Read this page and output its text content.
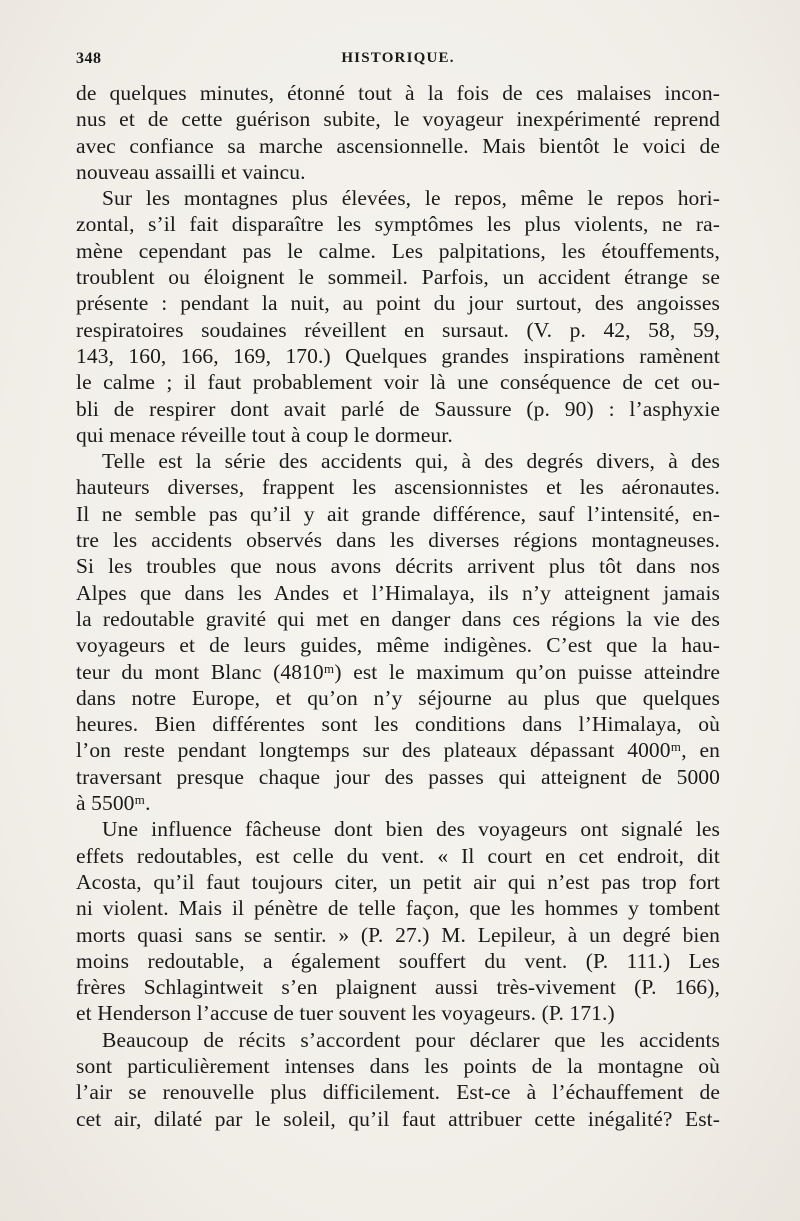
348	HISTORIQUE.
de quelques minutes, étonné tout à la fois de ces malaises incon-
nus et de cette guérison subite, le voyageur inexpérimenté reprend
avec confiance sa marche ascensionnelle. Mais bientôt le voici de
nouveau assailli et vaincu.
Sur les montagnes plus élevées, le repos, même le repos hori-
zontal, s’il fait disparaître les symptômes les plus violents, ne ra-
mène cependant pas le calme. Les palpitations, les étouffements,
troublent ou éloignent le sommeil. Parfois, un accident étrange se
présente : pendant la nuit, au point du jour surtout, des angoisses
respiratoires soudaines réveillent en sursaut. (V. p. 42, 58, 59,
143, 160, 166, 169, 170.) Quelques grandes inspirations ramènent
le calme ; il faut probablement voir là une conséquence de cet ou-
bli de respirer dont avait parlé de Saussure (p. 90) : l’asphyxie
qui menace réveille tout à coup le dormeur.
Telle est la série des accidents qui, à des degrés divers, à des
hauteurs diverses, frappent les ascensionnistes et les aéronautes.
Il ne semble pas qu’il y ait grande différence, sauf l’intensité, en-
tre les accidents observés dans les diverses régions montagneuses.
Si les troubles que nous avons décrits arrivent plus tôt dans nos
Alpes que dans les Andes et l’Himalaya, ils n’y atteignent jamais
la redoutable gravité qui met en danger dans ces régions la vie des
voyageurs et de leurs guides, même indigènes. C’est que la hau-
teur du mont Blanc (4810ᵐ) est le maximum qu’on puisse atteindre
dans notre Europe, et qu’on n’y séjourne au plus que quelques
heures. Bien différentes sont les conditions dans l’Himalaya, où
l’on reste pendant longtemps sur des plateaux dépassant 4000ᵐ, en
traversant presque chaque jour des passes qui atteignent de 5000
à 5500ᵐ.
Une influence fâcheuse dont bien des voyageurs ont signalé les
effets redoutables, est celle du vent. « Il court en cet endroit, dit
Acosta, qu’il faut toujours citer, un petit air qui n’est pas trop fort
ni violent. Mais il pénètre de telle façon, que les hommes y tombent
morts quasi sans se sentir. » (P. 27.) M. Lepileur, à un degré bien
moins redoutable, a également souffert du vent. (P. 111.) Les
frères Schlagintweit s’en plaignent aussi très-vivement (P. 166),
et Henderson l’accuse de tuer souvent les voyageurs. (P. 171.)
Beaucoup de récits s’accordent pour déclarer que les accidents
sont particulièrement intenses dans les points de la montagne où
l’air se renouvelle plus difficilement. Est-ce à l’échauffement de
cet air, dilaté par le soleil, qu’il faut attribuer cette inégalité? Est-
